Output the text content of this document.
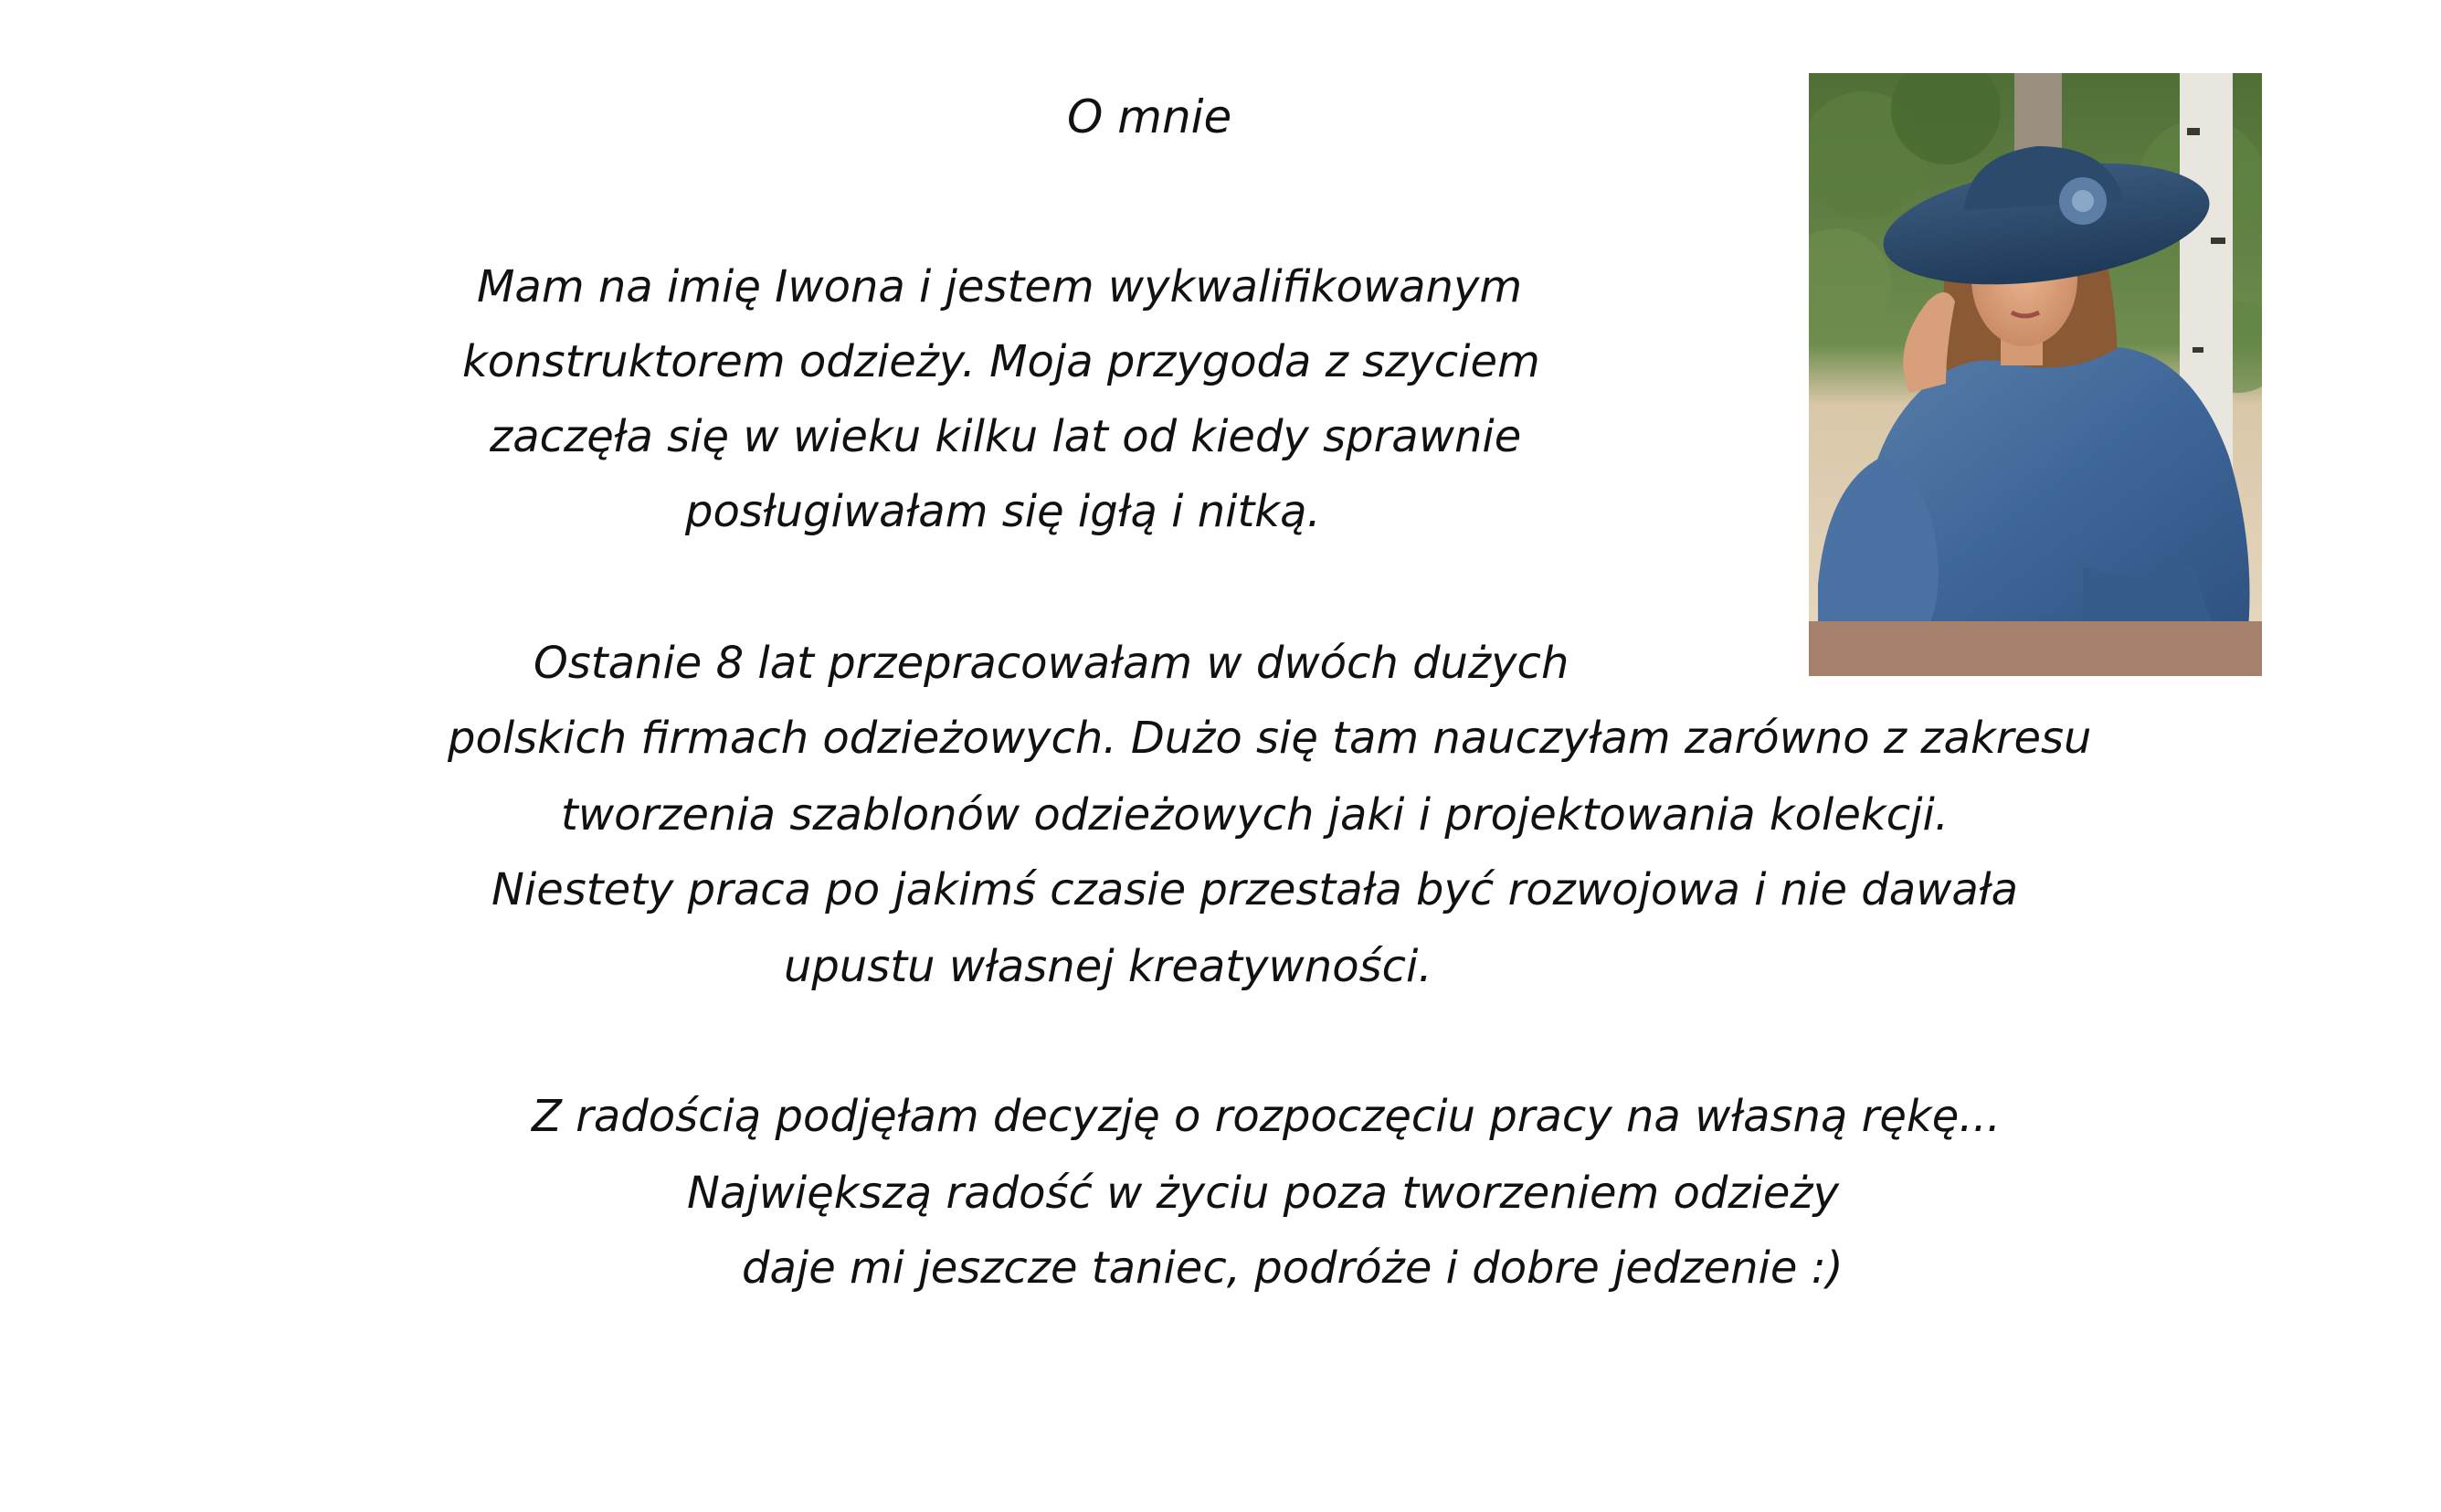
O mnie
Mam na imię Iwona i jestem wykwalifikowanym
konstruktorem odzieży. Moja przygoda z szyciem
zaczęła się w wieku kilku lat od kiedy sprawnie
posługiwałam się igłą i nitką.
Ostanie 8 lat przepracowałam w dwóch dużych
polskich firmach odzieżowych. Dużo się tam nauczyłam zarówno z zakresu
tworzenia szablonów odzieżowych jaki i projektowania kolekcji.
Niestety praca po jakimś czasie przestała być rozwojowa i nie dawała
upustu własnej kreatywności.
Z radością podjęłam decyzję o rozpoczęciu pracy na własną rękę...
Największą radość w życiu poza tworzeniem odzieży
daje mi jeszcze taniec, podróże i dobre jedzenie :)
